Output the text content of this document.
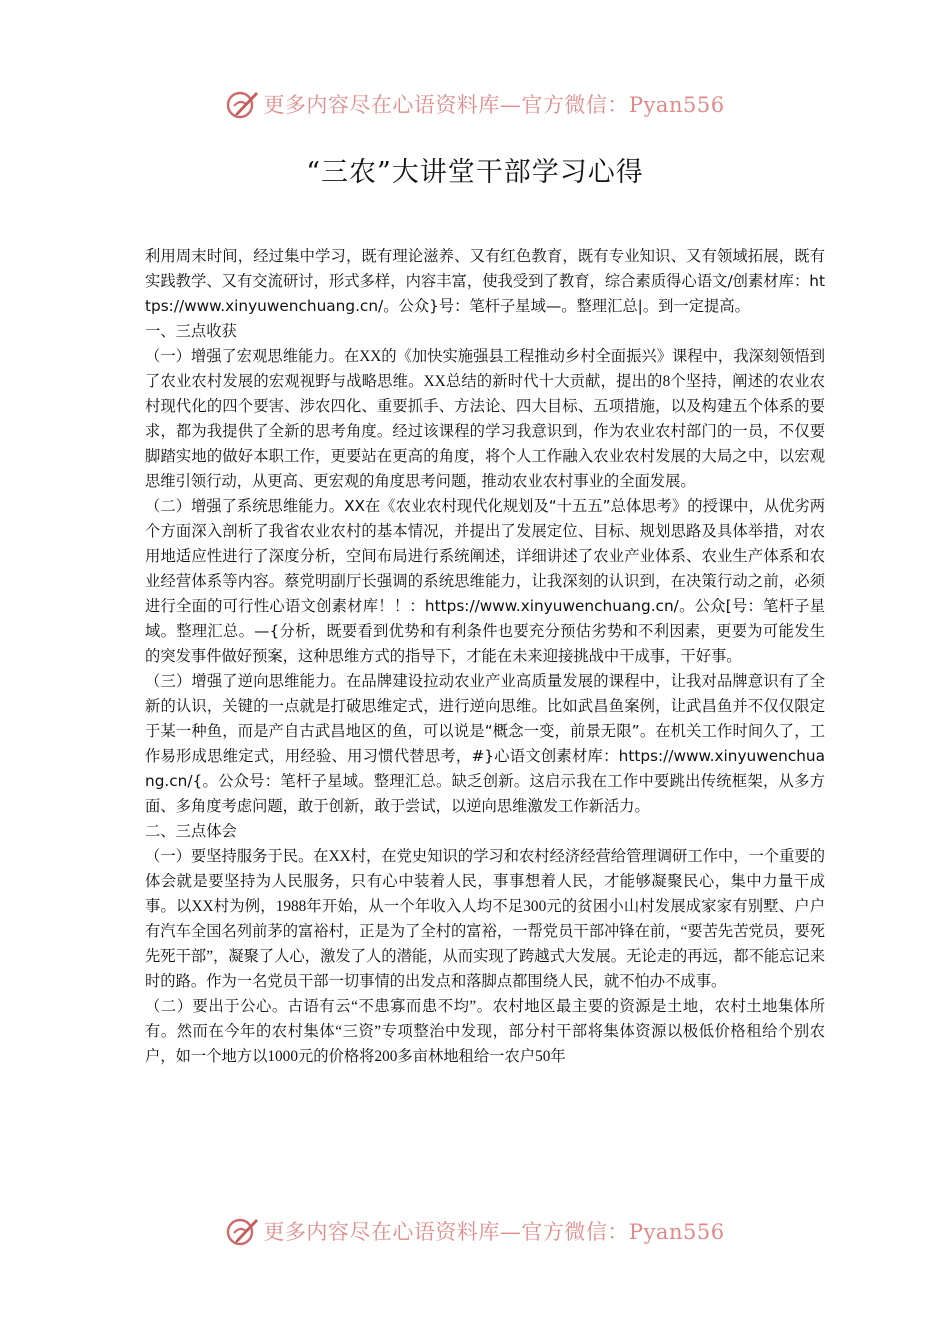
更多内容尽在心语资料库—官方微信：Pyan556
“三农”大讲堂干部学习心得

利用周末时间，经过集中学习，既有理论滋养、又有红色教育，既有专业知识、又有领域拓展，既有实践教学、又有交流研讨，形式多样，内容丰富，使我受到了教育，综合素质得心语文/创素材库：https://www.xinyuwenchuang.cn/。公众}号：笔杆子星域—。整理汇总|。到一定提高。

一、三点收获

（一）增强了宏观思维能力。在XX的《加快实施强县工程推动乡村全面振兴》课程中，我深刻领悟到了农业农村发展的宏观视野与战略思维。XX总结的新时代十大贡献，提出的8个坚持，阐述的农业农村现代化的四个要害、涉农四化、重要抓手、方法论、四大目标、五项措施，以及构建五个体系的要求，都为我提供了全新的思考角度。经过该课程的学习我意识到，作为农业农村部门的一员，不仅要脚踏实地的做好本职工作，更要站在更高的角度，将个人工作融入农业农村发展的大局之中，以宏观思维引领行动，从更高、更宏观的角度思考问题，推动农业农村事业的全面发展。

（二）增强了系统思维能力。XX在《农业农村现代化规划及“十五五”总体思考》的授课中，从优劣两个方面深入剖析了我省农业农村的基本情况，并提出了发展定位、目标、规划思路及具体举措，对农用地适应性进行了深度分析，空间布局进行系统阐述，详细讲述了农业产业体系、农业生产体系和农业经营体系等内容。蔡党明副厅长强调的系统思维能力，让我深刻的认识到，在决策行动之前，必须进行全面的可行性心语文创素材库！！：https://www.xinyuwenchuang.cn/。公众[号：笔杆子星域。整理汇总。—{分析，既要看到优势和有利条件也要充分预估劣势和不利因素，更要为可能发生的突发事件做好预案，这种思维方式的指导下，才能在未来迎接挑战中干成事，干好事。

（三）增强了逆向思维能力。在品牌建设拉动农业产业高质量发展的课程中，让我对品牌意识有了全新的认识，关键的一点就是打破思维定式，进行逆向思维。比如武昌鱼案例，让武昌鱼并不仅仅限定于某一种鱼，而是产自古武昌地区的鱼，可以说是“概念一变，前景无限”。在机关工作时间久了，工作易形成思维定式，用经验、用习惯代替思考，#}心语文创素材库：https://www.xinyuwenchuang.cn/{。公众号：笔杆子星域。整理汇总。缺乏创新。这启示我在工作中要跳出传统框架，从多方面、多角度考虑问题，敢于创新，敢于尝试，以逆向思维激发工作新活力。

二、三点体会

（一）要坚持服务于民。在XX村，在党史知识的学习和农村经济经营给管理调研工作中，一个重要的体会就是要坚持为人民服务，只有心中装着人民，事事想着人民，才能够凝聚民心，集中力量干成事。以XX村为例，1988年开始，从一个年收入人均不足300元的贫困小山村发展成家家有别墅、户户有汽车全国名列前茅的富裕村，正是为了全村的富裕，一帮党员干部冲锋在前，“要苦先苦党员，要死先死干部”，凝聚了人心，激发了人的潜能，从而实现了跨越式大发展。无论走的再远，都不能忘记来时的路。作为一名党员干部一切事情的出发点和落脚点都围绕人民，就不怕办不成事。

（二）要出于公心。古语有云“不患寡而患不均”。农村地区最主要的资源是土地，农村土地集体所有。然而在今年的农村集体“三资”专项整治中发现，部分村干部将集体资源以极低价格租给个别农户，如一个地方以1000元的价格将200多亩林地租给一农户50年

更多内容尽在心语资料库—官方微信：Pyan556
